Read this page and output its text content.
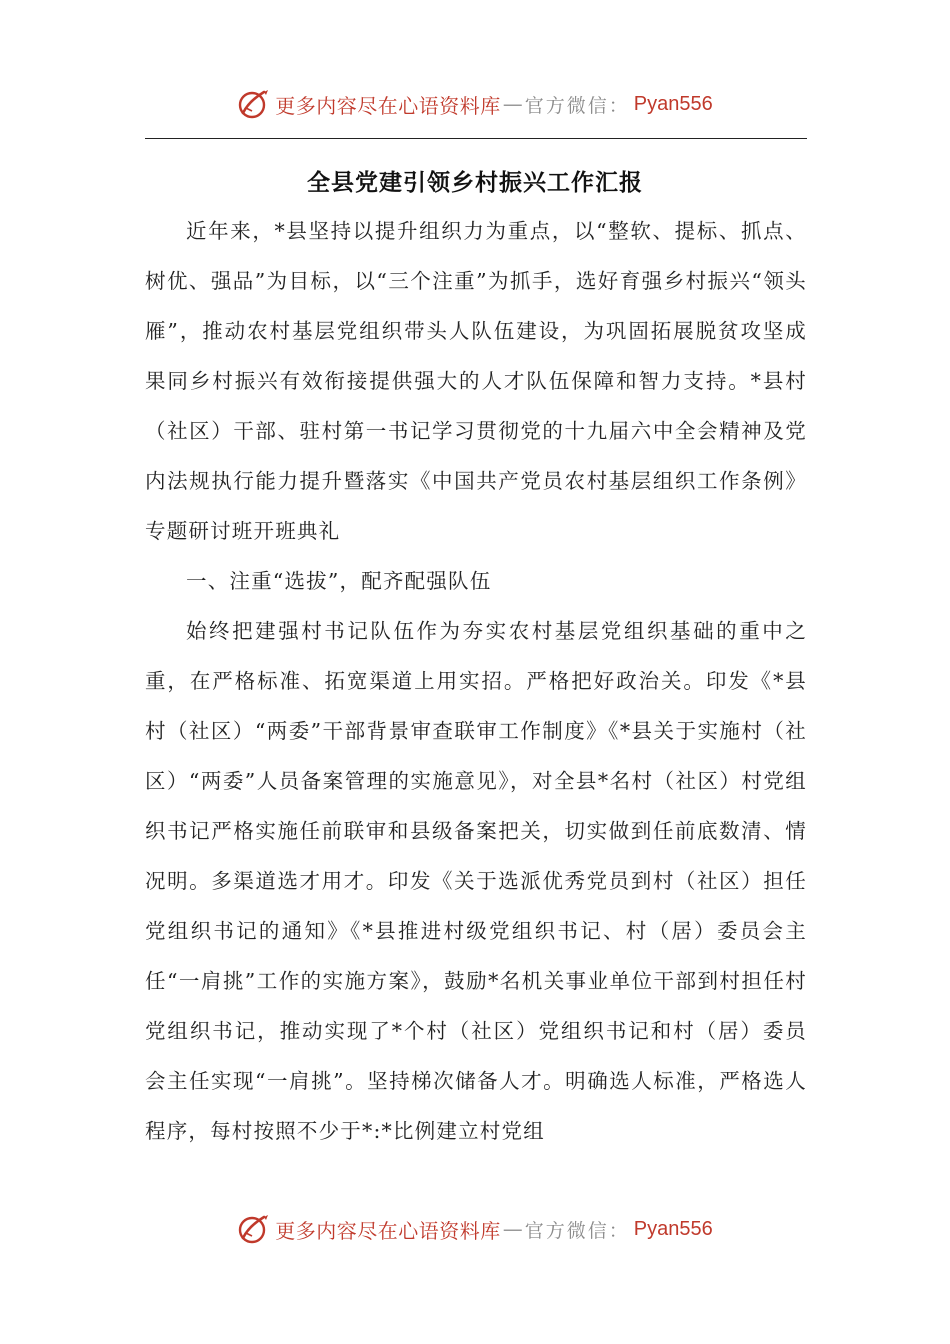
更多内容尽在心语资料库 — 官方微信： Pyan556
全县党建引领乡村振兴工作汇报

近年来，*县坚持以提升组织力为重点，以“整软、提标、抓点、树优、强品”为目标，以“三个注重”为抓手，选好育强乡村振兴“领头雁”，推动农村基层党组织带头人队伍建设，为巩固拓展脱贫攻坚成果同乡村振兴有效衔接提供强大的人才队伍保障和智力支持。*县村（社区）干部、驻村第一书记学习贯彻党的十九届六中全会精神及党内法规执行能力提升暨落实《中国共产党员农村基层组织工作条例》专题研讨班开班典礼

一、注重“选拔”，配齐配强队伍

始终把建强村书记队伍作为夯实农村基层党组织基础的重中之重，在严格标准、拓宽渠道上用实招。严格把好政治关。印发《*县村（社区）“两委”干部背景审查联审工作制度》《*县关于实施村（社区）“两委”人员备案管理的实施意见》，对全县*名村（社区）村党组织书记严格实施任前联审和县级备案把关，切实做到任前底数清、情况明。多渠道选才用才。印发《关于选派优秀党员到村（社区）担任党组织书记的通知》《*县推进村级党组织书记、村（居）委员会主任“一肩挑”工作的实施方案》，鼓励*名机关事业单位干部到村担任村党组织书记，推动实现了*个村（社区）党组织书记和村（居）委员会主任实现“一肩挑”。坚持梯次储备人才。明确选人标准，严格选人程序，每村按照不少于*:*比例建立村党组

更多内容尽在心语资料库 — 官方微信： Pyan556
